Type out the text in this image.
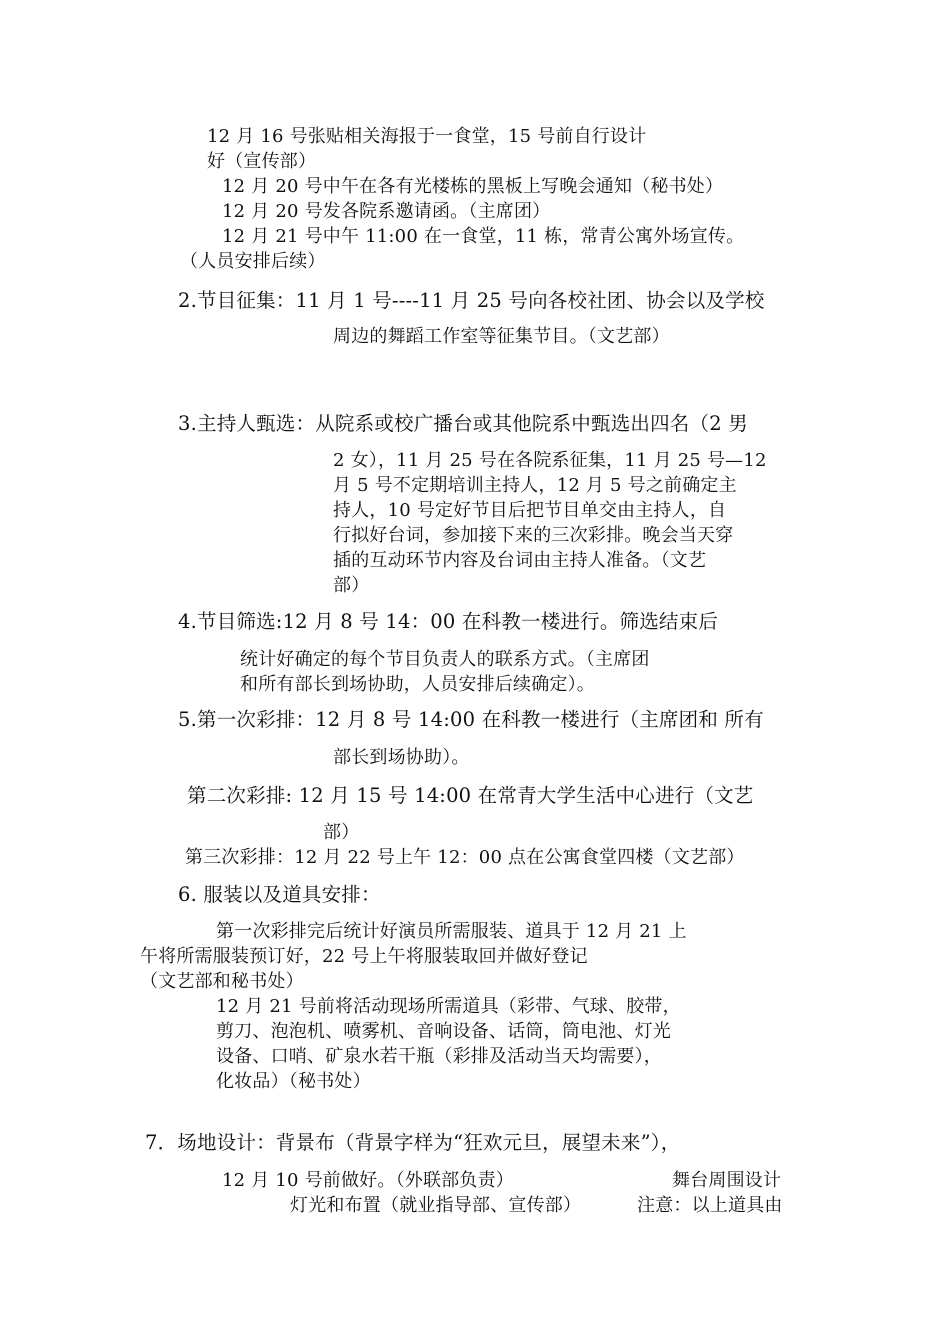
12 月 16 号张贴相关海报于一食堂，15 号前自行设计
好（宣传部）
12 月 20 号中午在各有光楼栋的黑板上写晚会通知（秘书处）
12 月 20 号发各院系邀请函。（主席团）
12 月 21 号中午 11:00 在一食堂，11 栋，常青公寓外场宣传。
（人员安排后续）
2.节目征集：11 月 1 号----11 月 25 号向各校社团、协会以及学校
周边的舞蹈工作室等征集节目。（文艺部）
3.主持人甄选：从院系或校广播台或其他院系中甄选出四名（2 男
2 女），11 月 25 号在各院系征集，11 月 25 号—12
月 5 号不定期培训主持人，12 月 5 号之前确定主
持人，10 号定好节目后把节目单交由主持人，自
行拟好台词，参加接下来的三次彩排。晚会当天穿
插的互动环节内容及台词由主持人准备。（文艺
部）
4.节目筛选:12 月 8 号 14：00 在科教一楼进行。筛选结束后
统计好确定的每个节目负责人的联系方式。（主席团
和所有部长到场协助，人员安排后续确定）。
5.第一次彩排：12 月 8 号 14:00 在科教一楼进行（主席团和 所有
部长到场协助）。
第二次彩排: 12 月 15 号 14:00 在常青大学生活中心进行（文艺
部）
第三次彩排：12 月 22 号上午 12：00 点在公寓食堂四楼（文艺部）
6. 服装以及道具安排：
第一次彩排完后统计好演员所需服装、道具于 12 月 21 上
午将所需服装预订好，22 号上午将服装取回并做好登记
（文艺部和秘书处）
12 月 21 号前将活动现场所需道具（彩带、气球、胶带，
剪刀、泡泡机、喷雾机、音响设备、话筒，筒电池、灯光
设备、口哨、矿泉水若干瓶（彩排及活动当天均需要），
化妆品）（秘书处）
7．场地设计：背景布（背景字样为“狂欢元旦，展望未来”），
12 月 10 号前做好。（外联部负责）	舞台周围设计
灯光和布置（就业指导部、宣传部）	注意：以上道具由
